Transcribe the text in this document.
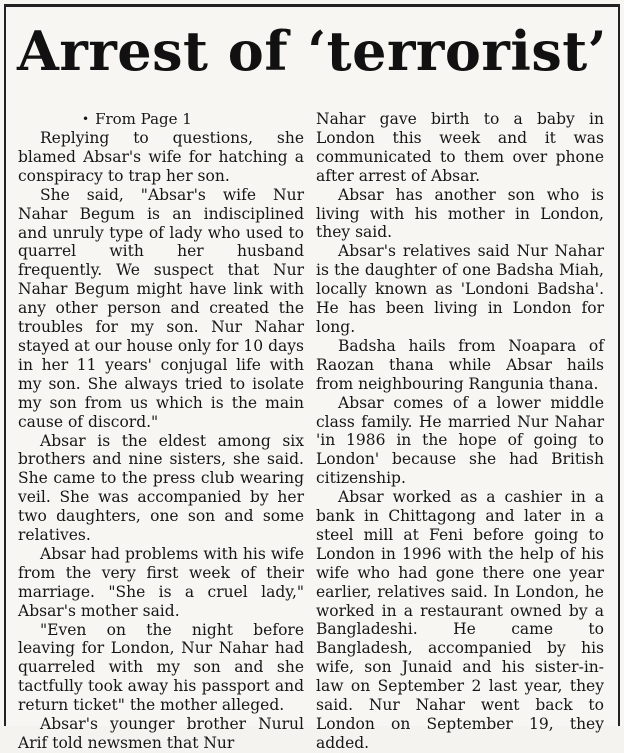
Arrest of ‘terrorist’

• From Page 1

Replying to questions, she blamed Absar's wife for hatching a conspiracy to trap her son.

She said, "Absar's wife Nur Nahar Begum is an indisciplined and unruly type of lady who used to quarrel with her husband frequently. We suspect that Nur Nahar Begum might have link with any other person and created the troubles for my son. Nur Nahar stayed at our house only for 10 days in her 11 years' conjugal life with my son. She always tried to isolate my son from us which is the main cause of discord."

Absar is the eldest among six brothers and nine sisters, she said. She came to the press club wearing veil. She was accompanied by her two daughters, one son and some relatives.

Absar had problems with his wife from the very first week of their marriage. "She is a cruel lady," Absar's mother said.

"Even on the night before leaving for London, Nur Nahar had quarreled with my son and she tactfully took away his passport and return ticket" the mother alleged.

Absar's younger brother Nurul Arif told newsmen that Nur

Nahar gave birth to a baby in London this week and it was communicated to them over phone after arrest of Absar.

Absar has another son who is living with his mother in London, they said.

Absar's relatives said Nur Nahar is the daughter of one Badsha Miah, locally known as 'Londoni Badsha'. He has been living in London for long.

Badsha hails from Noapara of Raozan thana while Absar hails from neighbouring Rangunia thana.

Absar comes of a lower middle class family. He married Nur Nahar 'in 1986 in the hope of going to London' because she had British citizenship.

Absar worked as a cashier in a bank in Chittagong and later in a steel mill at Feni before going to London in 1996 with the help of his wife who had gone there one year earlier, relatives said. In London, he worked in a restaurant owned by a Bangladeshi. He came to Bangladesh, accompanied by his wife, son Junaid and his sister-in-law on September 2 last year, they said. Nur Nahar went back to London on September 19, they added.
